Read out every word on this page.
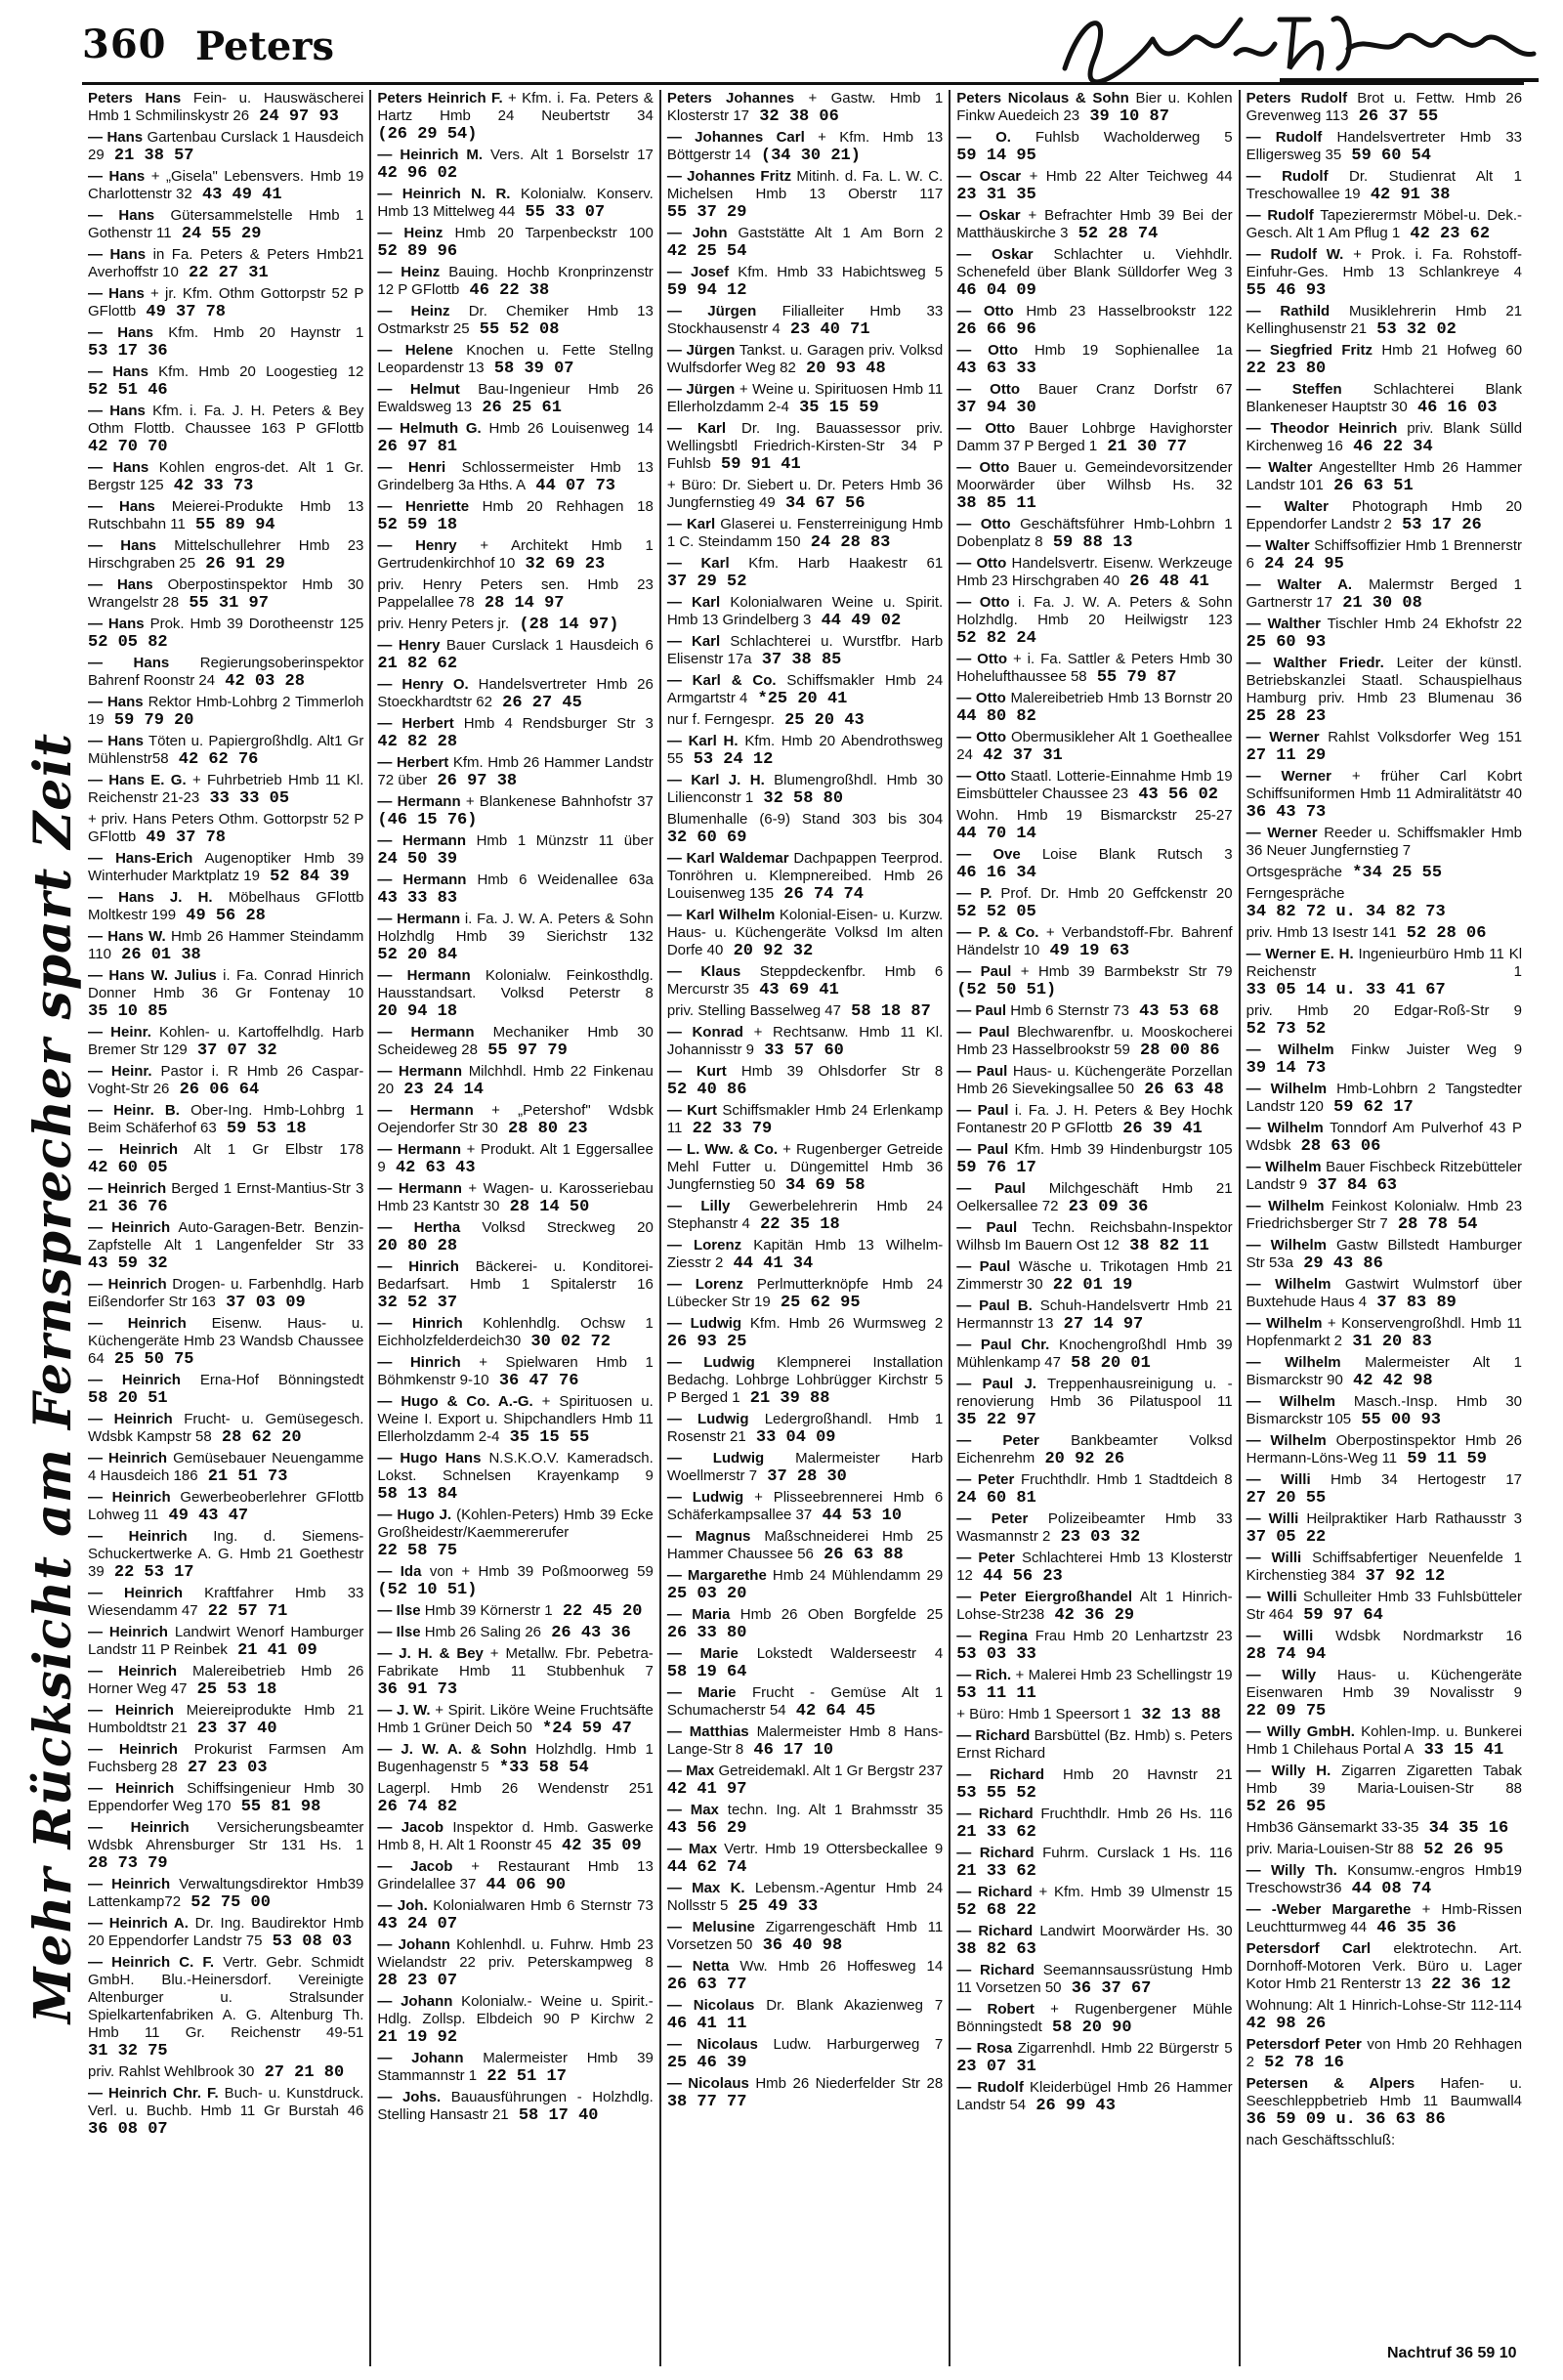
360 Peters
Mehr Rücksicht am Fernsprecher spart Zeit
Peters Hans Fein- u. Hauswäscherei Hmb 1 Schmilinskystr 26 24 97 93
— Hans Gartenbau Curslack 1 Hausdeich 29 21 38 57
— Hans + „Gisela" Lebensvers. Hmb 19 Charlottenstr 32 43 49 41
— Hans Gütersammelstelle Hmb 1 Gothenstr 11 24 55 29
— Hans in Fa. Peters & Peters Hmb21 Averhoffstr 10 22 27 31
— Hans + jr. Kfm. Othm Gottorpstr 52 P GFlottb 49 37 78
— Hans Kfm. Hmb 20 Haynstr 153 17 36
— Hans Kfm. Hmb 20 Loogestieg 1252 51 46
— Hans Kfm. i. Fa. J. H. Peters & Bey Othm Flottb. Chaussee 163 P GFlottb42 70 70
— Hans Kohlen engros-det. Alt 1 Gr. Bergstr 125 42 33 73
— Hans Meierei-Produkte Hmb 13 Rutschbahn 11 55 89 94
— Hans Mittelschullehrer Hmb 23 Hirschgraben 25 26 91 29
— Hans Oberpostinspektor Hmb 30 Wrangelstr 28 55 31 97
— Hans Prok. Hmb 39 Dorotheenstr 12552 05 82
— Hans Regierungsoberinspektor Bahrenf Roonstr 24 42 03 28
— Hans Rektor Hmb-Lohbrg 2 Timmerloh 19 59 79 20
— Hans Töten u. Papiergroßhdlg. Alt1 Gr Mühlenstr58 42 62 76
— Hans E. G. + Fuhrbetrieb Hmb 11 Kl. Reichenstr 21-23 33 33 05
+ priv. Hans Peters Othm. Gottorpstr 52 P GFlottb 49 37 78
— Hans-Erich Augenoptiker Hmb 39 Winterhuder Marktplatz 19 52 84 39
— Hans J. H. Möbelhaus GFlottb Moltkestr 199 49 56 28
— Hans W. Hmb 26 Hammer Steindamm 110 26 01 38
— Hans W. Julius i. Fa. Conrad Hinrich Donner Hmb 36 Gr Fontenay 1035 10 85
— Heinr. Kohlen- u. Kartoffelhdlg. Harb Bremer Str 129 37 07 32
— Heinr. Pastor i. R Hmb 26 Caspar-Voght-Str 26 26 06 64
— Heinr. B. Ober-Ing. Hmb-Lohbrg 1 Beim Schäferhof 63 59 53 18
— Heinrich Alt 1 Gr Elbstr 17842 60 05
— Heinrich Berged 1 Ernst-Mantius-Str 321 36 76
— Heinrich Auto-Garagen-Betr. Benzin-Zapfstelle Alt 1 Langenfelder Str 3343 59 32
— Heinrich Drogen- u. Farbenhdlg. Harb Eißendorfer Str 163 37 03 09
— Heinrich Eisenw. Haus- u. Küchengeräte Hmb 23 Wandsb Chaussee 64 25 50 75
— Heinrich Erna-Hof Bönningstedt58 20 51
— Heinrich Frucht- u. Gemüsegesch. Wdsbk Kampstr 58 28 62 20
— Heinrich Gemüsebauer Neuengamme 4 Hausdeich 186 21 51 73
— Heinrich Gewerbeoberlehrer GFlottb Lohweg 11 49 43 47
— Heinrich Ing. d. Siemens-Schuckertwerke A. G. Hmb 21 Goethestr 39 22 53 17
— Heinrich Kraftfahrer Hmb 33 Wiesendamm 47 22 57 71
— Heinrich Landwirt Wenorf Hamburger Landstr 11 P Reinbek 21 41 09
— Heinrich Malereibetrieb Hmb 26 Horner Weg 47 25 53 18
— Heinrich Meiereiprodukte Hmb 21 Humboldtstr 21 23 37 40
— Heinrich Prokurist Farmsen Am Fuchsberg 28 27 23 03
— Heinrich Schiffsingenieur Hmb 30 Eppendorfer Weg 170 55 81 98
— Heinrich Versicherungsbeamter Wdsbk Ahrensburger Str 131 Hs. 128 73 79
— Heinrich Verwaltungsdirektor Hmb39 Lattenkamp72 52 75 00
— Heinrich A. Dr. Ing. Baudirektor Hmb 20 Eppendorfer Landstr 75 53 08 03
— Heinrich C. F. Vertr. Gebr. Schmidt GmbH. Blu.-Heinersdorf. Vereinigte Altenburger u. Stralsunder Spielkartenfabriken A. G. Altenburg Th. Hmb 11 Gr. Reichenstr 49-5131 32 75
priv. Rahlst Wehlbrook 30 27 21 80
— Heinrich Chr. F. Buch- u. Kunstdruck. Verl. u. Buchb. Hmb 11 Gr Burstah 4636 08 07
Peters Heinrich F. + Kfm. i. Fa. Peters & Hartz Hmb 24 Neubertstr 34(26 29 54)
— Heinrich M. Vers. Alt 1 Borselstr 1742 96 02
— Heinrich N. R. Kolonialw. Konserv. Hmb 13 Mittelweg 44 55 33 07
— Heinz Hmb 20 Tarpenbeckstr 10052 89 96
— Heinz Bauing. Hochb Kronprinzenstr 12 P GFlottb 46 22 38
— Heinz Dr. Chemiker Hmb 13 Ostmarkstr 25 55 52 08
— Helene Knochen u. Fette Stellng Leopardenstr 13 58 39 07
— Helmut Bau-Ingenieur Hmb 26 Ewaldsweg 13 26 25 61
— Helmuth G. Hmb 26 Louisenweg 1426 97 81
— Henri Schlossermeister Hmb 13 Grindelberg 3a Hths. A 44 07 73
— Henriette Hmb 20 Rehhagen 1852 59 18
— Henry + Architekt Hmb 1 Gertrudenkirchhof 10 32 69 23
priv. Henry Peters sen. Hmb 23 Pappelallee 78 28 14 97
priv. Henry Peters jr. (28 14 97)
— Henry Bauer Curslack 1 Hausdeich 621 82 62
— Henry O. Handelsvertreter Hmb 26 Stoeckhardtstr 62 26 27 45
— Herbert Hmb 4 Rendsburger Str 342 82 28
— Herbert Kfm. Hmb 26 Hammer Landstr 72 über 26 97 38
— Hermann + Blankenese Bahnhofstr 37(46 15 76)
— Hermann Hmb 1 Münzstr 11 über24 50 39
— Hermann Hmb 6 Weidenallee 63a43 33 83
— Hermann i. Fa. J. W. A. Peters & Sohn Holzhdlg Hmb 39 Sierichstr 13252 20 84
— Hermann Kolonialw. Feinkosthdlg. Hausstandsart. Volksd Peterstr 820 94 18
— Hermann Mechaniker Hmb 30 Scheideweg 28 55 97 79
— Hermann Milchhdl. Hmb 22 Finkenau 20 23 24 14
— Hermann + „Petershof" Wdsbk Oejendorfer Str 30 28 80 23
— Hermann + Produkt. Alt 1 Eggersallee 9 42 63 43
— Hermann + Wagen- u. Karosseriebau Hmb 23 Kantstr 30 28 14 50
— Hertha Volksd Streckweg 2020 80 28
— Hinrich Bäckerei- u. Konditorei-Bedarfsart. Hmb 1 Spitalerstr 1632 52 37
— Hinrich Kohlenhdlg. Ochsw 1 Eichholzfelderdeich30 30 02 72
— Hinrich + Spielwaren Hmb 1 Böhmkenstr 9-10 36 47 76
— Hugo & Co. A.-G. + Spirituosen u. Weine I. Export u. Shipchandlers Hmb 11 Ellerholzdamm 2-4 35 15 55
— Hugo Hans N.S.K.O.V. Kameradsch. Lokst. Schnelsen Krayenkamp 958 13 84
— Hugo J. (Kohlen-Peters) Hmb 39 Ecke Großheidestr/Kaemmererufer22 58 75
— Ida von + Hmb 39 Poßmoorweg 59(52 10 51)
— Ilse Hmb 39 Körnerstr 1 22 45 20
— Ilse Hmb 26 Saling 26 26 43 36
— J. H. & Bey + Metallw. Fbr. Pebetra-Fabrikate Hmb 11 Stubbenhuk 736 91 73
— J. W. + Spirit. Liköre Weine Fruchtsäfte Hmb 1 Grüner Deich 50 *24 59 47
— J. W. A. & Sohn Holzhdlg. Hmb 1 Bugenhagenstr 5 *33 58 54
Lagerpl. Hmb 26 Wendenstr 25126 74 82
— Jacob Inspektor d. Hmb. Gaswerke Hmb 8, H. Alt 1 Roonstr 45 42 35 09
— Jacob + Restaurant Hmb 13 Grindelallee 37 44 06 90
— Joh. Kolonialwaren Hmb 6 Sternstr 7343 24 07
— Johann Kohlenhdl. u. Fuhrw. Hmb 23 Wielandstr 22 priv. Peterskampweg 828 23 07
— Johann Kolonialw.- Weine u. Spirit.-Hdlg. Zollsp. Elbdeich 90 P Kirchw 221 19 92
— Johann Malermeister Hmb 39 Stammannstr 1 22 51 17
— Johs. Bauausführungen - Holzhdlg. Stelling Hansastr 21 58 17 40
Peters Johannes + Gastw. Hmb 1 Klosterstr 17 32 38 06
— Johannes Carl + Kfm. Hmb 13 Böttgerstr 14 (34 30 21)
— Johannes Fritz Mitinh. d. Fa. L. W. C. Michelsen Hmb 13 Oberstr 11755 37 29
— John Gaststätte Alt 1 Am Born 242 25 54
— Josef Kfm. Hmb 33 Habichtsweg 559 94 12
— Jürgen Filialleiter Hmb 33 Stockhausenstr 4 23 40 71
— Jürgen Tankst. u. Garagen priv. Volksd Wulfsdorfer Weg 82 20 93 48
— Jürgen + Weine u. Spirituosen Hmb 11 Ellerholzdamm 2-4 35 15 59
— Karl Dr. Ing. Bauassessor priv. Wellingsbtl Friedrich-Kirsten-Str 34 P Fuhlsb 59 91 41
+ Büro: Dr. Siebert u. Dr. Peters Hmb 36 Jungfernstieg 49 34 67 56
— Karl Glaserei u. Fensterreinigung Hmb 1 C. Steindamm 150 24 28 83
— Karl Kfm. Harb Haakestr 6137 29 52
— Karl Kolonialwaren Weine u. Spirit. Hmb 13 Grindelberg 3 44 49 02
— Karl Schlachterei u. Wurstfbr. Harb Elisenstr 17a 37 38 85
— Karl & Co. Schiffsmakler Hmb 24 Armgartstr 4 *25 20 41
nur f. Ferngespr. 25 20 43
— Karl H. Kfm. Hmb 20 Abendrothsweg 55 53 24 12
— Karl J. H. Blumengroßhdl. Hmb 30 Lilienconstr 1 32 58 80
Blumenhalle (6-9) Stand 303 bis 30432 60 69
— Karl Waldemar Dachpappen Teerprod. Tonröhren u. Klempnereibed. Hmb 26 Louisenweg 135 26 74 74
— Karl Wilhelm Kolonial-Eisen- u. Kurzw. Haus- u. Küchengeräte Volksd Im alten Dorfe 40 20 92 32
— Klaus Steppdeckenfbr. Hmb 6 Mercurstr 35 43 69 41
priv. Stelling Basselweg 47 58 18 87
— Konrad + Rechtsanw. Hmb 11 Kl. Johannisstr 9 33 57 60
— Kurt Hmb 39 Ohlsdorfer Str 852 40 86
— Kurt Schiffsmakler Hmb 24 Erlenkamp 11 22 33 79
— L. Ww. & Co. + Rugenberger Getreide Mehl Futter u. Düngemittel Hmb 36 Jungfernstieg 50 34 69 58
— Lilly Gewerbelehrerin Hmb 24 Stephanstr 4 22 35 18
— Lorenz Kapitän Hmb 13 Wilhelm-Ziesstr 2 44 41 34
— Lorenz Perlmutterknöpfe Hmb 24 Lübecker Str 19 25 62 95
— Ludwig Kfm. Hmb 26 Wurmsweg 226 93 25
— Ludwig Klempnerei Installation Bedachg. Lohbrge Lohbrügger Kirchstr 5 P Berged 1 21 39 88
— Ludwig Ledergroßhandl. Hmb 1 Rosenstr 21 33 04 09
— Ludwig Malermeister Harb Woellmerstr 7 37 28 30
— Ludwig + Plisseebrennerei Hmb 6 Schäferkampsallee 37 44 53 10
— Magnus Maßschneiderei Hmb 25 Hammer Chaussee 56 26 63 88
— Margarethe Hmb 24 Mühlendamm 2925 03 20
— Maria Hmb 26 Oben Borgfelde 2526 33 80
— Marie Lokstedt Walderseestr 458 19 64
— Marie Frucht - Gemüse Alt 1 Schumacherstr 54 42 64 45
— Matthias Malermeister Hmb 8 Hans-Lange-Str 8 46 17 10
— Max Getreidemakl. Alt 1 Gr Bergstr 23742 41 97
— Max techn. Ing. Alt 1 Brahmsstr 3543 56 29
— Max Vertr. Hmb 19 Ottersbeckallee 944 62 74
— Max K. Lebensm.-Agentur Hmb 24 Nollsstr 5 25 49 33
— Melusine Zigarrengeschäft Hmb 11 Vorsetzen 50 36 40 98
— Netta Ww. Hmb 26 Hoffesweg 1426 63 77
— Nicolaus Dr. Blank Akazienweg 746 41 11
— Nicolaus Ludw. Harburgerweg 725 46 39
— Nicolaus Hmb 26 Niederfelder Str 2838 77 77
Peters Nicolaus & Sohn Bier u. Kohlen Finkw Auedeich 23 39 10 87
— O. Fuhlsb Wacholderweg 559 14 95
— Oscar + Hmb 22 Alter Teichweg 4423 31 35
— Oskar + Befrachter Hmb 39 Bei der Matthäuskirche 3 52 28 74
— Oskar Schlachter u. Viehhdlr. Schenefeld über Blank Sülldorfer Weg 346 04 09
— Otto Hmb 23 Hasselbrookstr 12226 66 96
— Otto Hmb 19 Sophienallee 1a43 63 33
— Otto Bauer Cranz Dorfstr 6737 94 30
— Otto Bauer Lohbrge Havighorster Damm 37 P Berged 1 21 30 77
— Otto Bauer u. Gemeindevorsitzender Moorwärder über Wilhsb Hs. 3238 85 11
— Otto Geschäftsführer Hmb-Lohbrn 1 Dobenplatz 8 59 88 13
— Otto Handelsvertr. Eisenw. Werkzeuge Hmb 23 Hirschgraben 40 26 48 41
— Otto i. Fa. J. W. A. Peters & Sohn Holzhdlg. Hmb 20 Heilwigstr 12352 82 24
— Otto + i. Fa. Sattler & Peters Hmb 30 Hohelufthaussee 58 55 79 87
— Otto Malereibetrieb Hmb 13 Bornstr 2044 80 82
— Otto Obermusikleher Alt 1 Goetheallee 24 42 37 31
— Otto Staatl. Lotterie-Einnahme Hmb 19 Eimsbütteler Chaussee 23 43 56 02
Wohn. Hmb 19 Bismarckstr 25-2744 70 14
— Ove Loise Blank Rutsch 346 16 34
— P. Prof. Dr. Hmb 20 Geffckenstr 2052 52 05
— P. & Co. + Verbandstoff-Fbr. Bahrenf Händelstr 10 49 19 63
— Paul + Hmb 39 Barmbekstr Str 79(52 50 51)
— Paul Hmb 6 Sternstr 73 43 53 68
— Paul Blechwarenfbr. u. Mooskocherei Hmb 23 Hasselbrookstr 59 28 00 86
— Paul Haus- u. Küchengeräte Porzellan Hmb 26 Sievekingsallee 50 26 63 48
— Paul i. Fa. J. H. Peters & Bey Hochk Fontanestr 20 P GFlottb 26 39 41
— Paul Kfm. Hmb 39 Hindenburgstr 10559 76 17
— Paul Milchgeschäft Hmb 21 Oelkersallee 72 23 09 36
— Paul Techn. Reichsbahn-Inspektor Wilhsb Im Bauern Ost 12 38 82 11
— Paul Wäsche u. Trikotagen Hmb 21 Zimmerstr 30 22 01 19
— Paul B. Schuh-Handelsvertr Hmb 21 Hermannstr 13 27 14 97
— Paul Chr. Knochengroßhdl Hmb 39 Mühlenkamp 47 58 20 01
— Paul J. Treppenhausreinigung u. -renovierung Hmb 36 Pilatuspool 1135 22 97
— Peter Bankbeamter Volksd Eichenrehm 20 92 26
— Peter Fruchthdlr. Hmb 1 Stadtdeich 824 60 81
— Peter Polizeibeamter Hmb 33 Wasmannstr 2 23 03 32
— Peter Schlachterei Hmb 13 Klosterstr 12 44 56 23
— Peter Eiergroßhandel Alt 1 Hinrich-Lohse-Str238 42 36 29
— Regina Frau Hmb 20 Lenhartzstr 2353 03 33
— Rich. + Malerei Hmb 23 Schellingstr 1953 11 11
+ Büro: Hmb 1 Speersort 1 32 13 88
— Richard Barsbüttel (Bz. Hmb) s. Peters Ernst Richard
— Richard Hmb 20 Havnstr 2153 55 52
— Richard Fruchthdlr. Hmb 26 Hs. 11621 33 62
— Richard Fuhrm. Curslack 1 Hs. 11621 33 62
— Richard + Kfm. Hmb 39 Ulmenstr 1552 68 22
— Richard Landwirt Moorwärder Hs. 3038 82 63
— Richard Seemannsaussrüstung Hmb 11 Vorsetzen 50 36 37 67
— Robert + Rugenbergener Mühle Bönningstedt 58 20 90
— Rosa Zigarrenhdl. Hmb 22 Bürgerstr 523 07 31
— Rudolf Kleiderbügel Hmb 26 Hammer Landstr 54 26 99 43
Peters Rudolf Brot u. Fettw. Hmb 26 Grevenweg 113 26 37 55
— Rudolf Handelsvertreter Hmb 33 Elligersweg 35 59 60 54
— Rudolf Dr. Studienrat Alt 1 Treschowallee 19 42 91 38
— Rudolf Tapezierermstr Möbel-u. Dek.-Gesch. Alt 1 Am Pflug 1 42 23 62
— Rudolf W. + Prok. i. Fa. Rohstoff-Einfuhr-Ges. Hmb 13 Schlankreye 455 46 93
— Rathild Musiklehrerin Hmb 21 Kellinghusenstr 21 53 32 02
— Siegfried Fritz Hmb 21 Hofweg 6022 23 80
— Steffen Schlachterei Blank Blankeneser Hauptstr 30 46 16 03
— Theodor Heinrich priv. Blank Sülld Kirchenweg 16 46 22 34
— Walter Angestellter Hmb 26 Hammer Landstr 101 26 63 51
— Walter Photograph Hmb 20 Eppendorfer Landstr 2 53 17 26
— Walter Schiffsoffizier Hmb 1 Brennerstr 6 24 24 95
— Walter A. Malermstr Berged 1 Gartnerstr 17 21 30 08
— Walther Tischler Hmb 24 Ekhofstr 2225 60 93
— Walther Friedr. Leiter der künstl. Betriebskanzlei Staatl. Schauspielhaus Hamburg priv. Hmb 23 Blumenau 3625 28 23
— Werner Rahlst Volksdorfer Weg 15127 11 29
— Werner + früher Carl Kobrt Schiffsuniformen Hmb 11 Admiralitätstr 4036 43 73
— Werner Reeder u. Schiffsmakler Hmb 36 Neuer Jungfernstieg 7
Ortsgespräche *34 25 55
Ferngespräche34 82 72 u. 34 82 73
priv. Hmb 13 Isestr 141 52 28 06
— Werner E. H. Ingenieurbüro Hmb 11 Kl Reichenstr 133 05 14 u. 33 41 67
priv. Hmb 20 Edgar-Roß-Str 952 73 52
— Wilhelm Finkw Juister Weg 939 14 73
— Wilhelm Hmb-Lohbrn 2 Tangstedter Landstr 120 59 62 17
— Wilhelm Tonndorf Am Pulverhof 43 P Wdsbk 28 63 06
— Wilhelm Bauer Fischbeck Ritzebütteler Landstr 9 37 84 63
— Wilhelm Feinkost Kolonialw. Hmb 23 Friedrichsberger Str 7 28 78 54
— Wilhelm Gastw Billstedt Hamburger Str 53a 29 43 86
— Wilhelm Gastwirt Wulmstorf über Buxtehude Haus 4 37 83 89
— Wilhelm + Konservengroßhdl. Hmb 11 Hopfenmarkt 2 31 20 83
— Wilhelm Malermeister Alt 1 Bismarckstr 90 42 42 98
— Wilhelm Masch.-Insp. Hmb 30 Bismarckstr 105 55 00 93
— Wilhelm Oberpostinspektor Hmb 26 Hermann-Löns-Weg 11 59 11 59
— Willi Hmb 34 Hertogestr 1727 20 55
— Willi Heilpraktiker Harb Rathausstr 337 05 22
— Willi Schiffsabfertiger Neuenfelde 1 Kirchenstieg 384 37 92 12
— Willi Schulleiter Hmb 33 Fuhlsbütteler Str 464 59 97 64
— Willi Wdsbk Nordmarkstr 1628 74 94
— Willy Haus- u. Küchengeräte Eisenwaren Hmb 39 Novalisstr 922 09 75
— Willy GmbH. Kohlen-Imp. u. Bunkerei Hmb 1 Chilehaus Portal A 33 15 41
— Willy H. Zigarren Zigaretten Tabak Hmb 39 Maria-Louisen-Str 8852 26 95
Hmb36 Gänsemarkt 33-35 34 35 16
priv. Maria-Louisen-Str 88 52 26 95
— Willy Th. Konsumw.-engros Hmb19 Treschowstr36 44 08 74
— -Weber Margarethe + Hmb-Rissen Leuchtturmweg 44 46 35 36
Petersdorf Carl elektrotechn. Art. Dornhoff-Motoren Verk. Büro u. Lager Kotor Hmb 21 Renterstr 13 22 36 12
Wohnung: Alt 1 Hinrich-Lohse-Str 112-11442 98 26
Petersdorf Peter von Hmb 20 Rehhagen 2 52 78 16
Petersen & Alpers Hafen- u. Seeschleppbetrieb Hmb 11 Baumwall436 59 09 u. 36 63 86
nach Geschäftsschluß:
Nachtruf 36 59 10
